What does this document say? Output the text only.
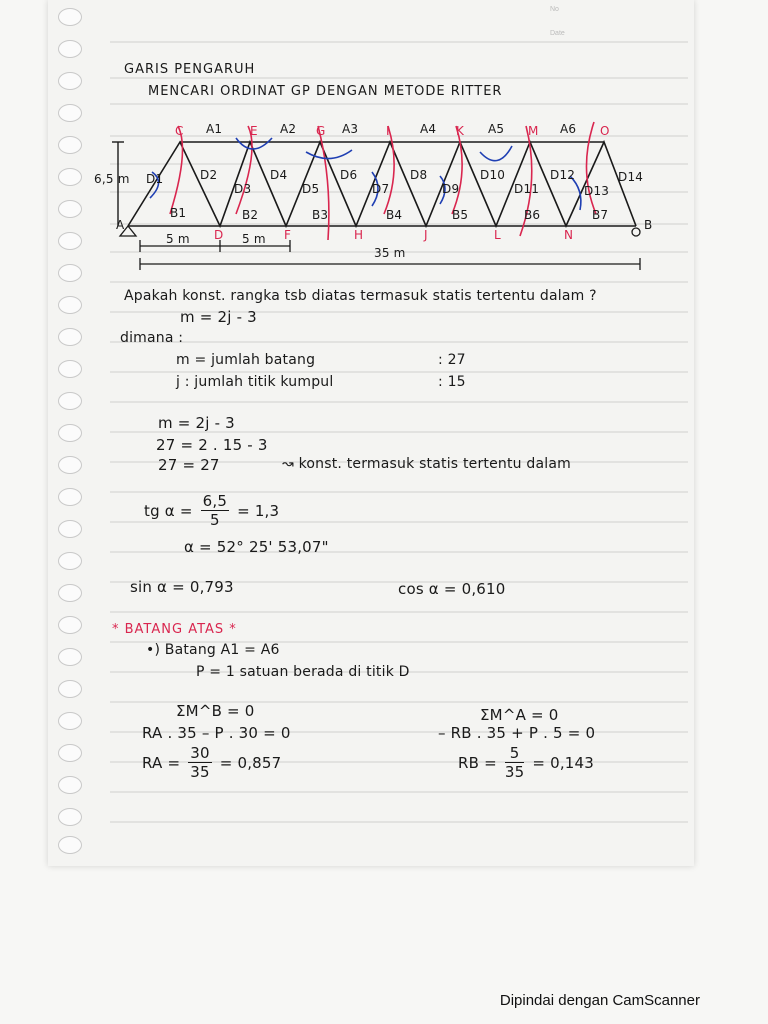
No
Date
GARIS PENGARUH
MENCARI ORDINAT GP DENGAN METODE RITTER
6,5 m
A	B
C	E	G	I	K	M	O
D	F	H	J	L	N
A1	A2	A3	A4	A5	A6
B1	B2	B3	B4	B5	B6	B7
D1	D2
D3
D4
D5
D6
D7
D8
D9
D10
D11
D12
D13
D14
5 m	5 m
35 m
Apakah konst. rangka tsb diatas termasuk statis tertentu dalam ?
m = 2j - 3
dimana :
m = jumlah batang	: 27
j : jumlah titik kumpul	: 15
m = 2j - 3
27 = 2 . 15 - 3
27 = 27	↝ konst. termasuk statis tertentu dalam
tg $\alpha = \frac{6,5}{5} = 1,3$
α = 52° 25' 53,07"
sin α = 0,793	cos α = 0,610
* BATANG ATAS *
•) Batang A1 = A6
P = 1 satuan berada di titik D
ΣM^B = 0	ΣM^A = 0
RA . 35 – P . 30 = 0	– RB . 35 + P . 5 = 0
RA = $\frac{30}{35} = 0,857$	RB = $\frac{5}{35} = 0,143$
Dipindai dengan CamScanner
